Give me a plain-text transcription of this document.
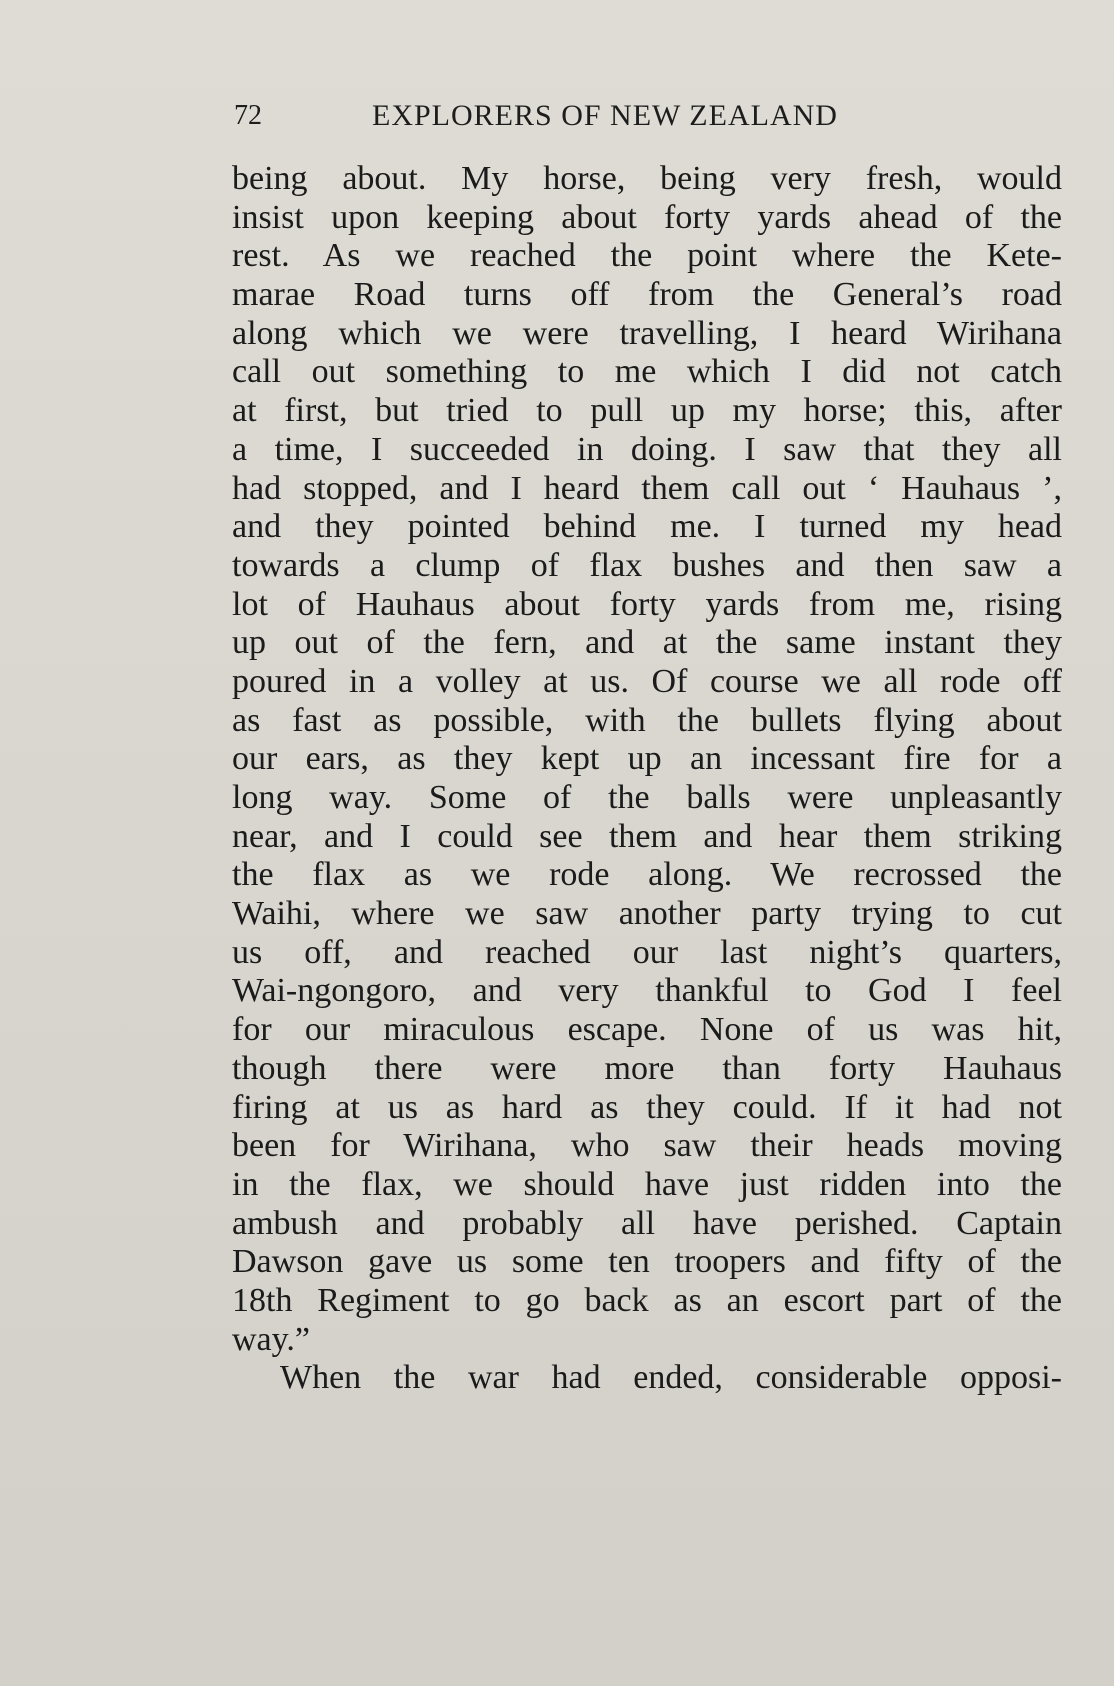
72	EXPLORERS OF NEW ZEALAND
being about. My horse, being very fresh, would
insist upon keeping about forty yards ahead of the
rest. As we reached the point where the Kete-
marae Road turns off from the General’s road
along which we were travelling, I heard Wirihana
call out something to me which I did not catch
at first, but tried to pull up my horse; this, after
a time, I succeeded in doing. I saw that they all
had stopped, and I heard them call out ‘ Hauhaus ’,
and they pointed behind me. I turned my head
towards a clump of flax bushes and then saw a
lot of Hauhaus about forty yards from me, rising
up out of the fern, and at the same instant they
poured in a volley at us. Of course we all rode off
as fast as possible, with the bullets flying about
our ears, as they kept up an incessant fire for a
long way. Some of the balls were unpleasantly
near, and I could see them and hear them striking
the flax as we rode along. We recrossed the
Waihi, where we saw another party trying to cut
us off, and reached our last night’s quarters,
Wai-ngongoro, and very thankful to God I feel
for our miraculous escape. None of us was hit,
though there were more than forty Hauhaus
firing at us as hard as they could. If it had not
been for Wirihana, who saw their heads moving
in the flax, we should have just ridden into the
ambush and probably all have perished. Captain
Dawson gave us some ten troopers and fifty of the
18th Regiment to go back as an escort part of the
way.”
When the war had ended, considerable opposi-
